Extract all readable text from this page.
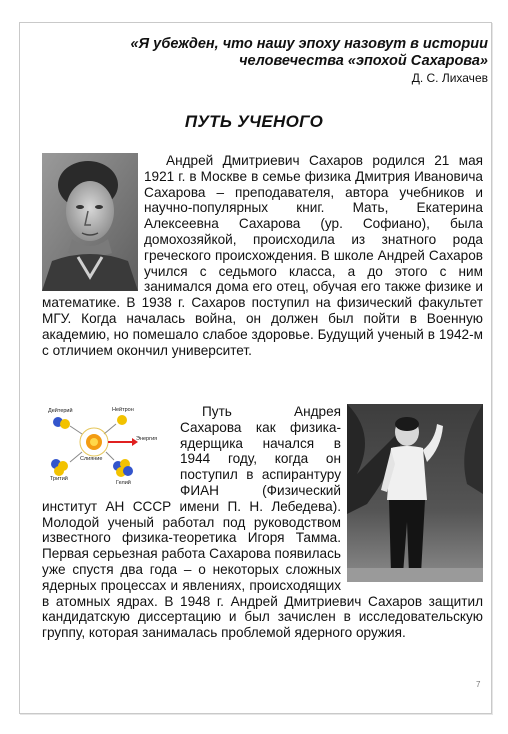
«Я убежден, что нашу эпоху назовут в истории
человечества «эпохой Сахарова»
Д. С. Лихачев
ПУТЬ УЧЕНОГО
Андрей Дмитриевич Сахаров родился 21 мая 1921 г. в Москве в семье физика Дмитрия Ивановича Сахарова – преподавателя, автора учебников и научно-популярных книг. Мать, Екатерина Алексеевна Сахарова (ур. Софиано), была домохозяйкой, происходила из знатного рода греческого происхождения. В школе Андрей Сахаров учился с седьмого класса, а до этого с ним занимался дома его отец, обучая его также физике и математике. В 1938 г. Сахаров поступил на физический факультет МГУ. Когда началась война, он должен был пойти в Военную академию, но помешало слабое здоровье. Будущий ученый в 1942-м с отличием окончил университет.
Дейтерий	Нейтрон
Энергия
Тритий
Слияние
Гелий
Путь Андрея Сахарова как физика-ядерщика начался в 1944 году, когда он поступил в аспирантуру ФИАН (Физический институт АН СССР имени П. Н. Лебедева). Молодой ученый работал под руководством известного физика-теоретика Игоря Тамма. Первая серьезная работа Сахарова появилась уже спустя два года – о некоторых сложных ядерных процессах и явлениях, происходящих в атомных ядрах. В 1948 г. Андрей Дмитриевич Сахаров защитил кандидатскую диссертацию и был зачислен в исследовательскую группу, которая занималась проблемой ядерного оружия.
7
